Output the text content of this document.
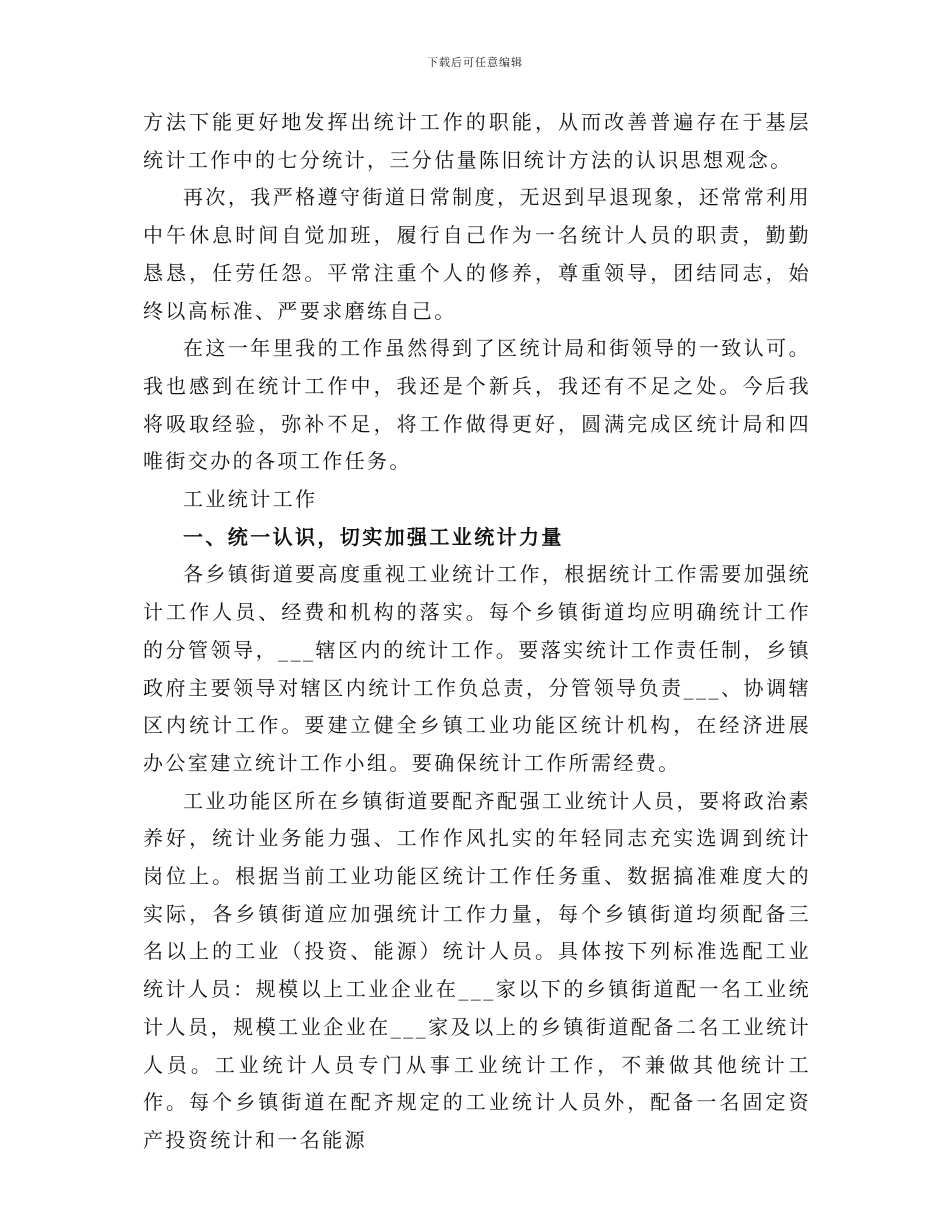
下载后可任意编辑

方法下能更好地发挥出统计工作的职能，从而改善普遍存在于基层统计工作中的七分统计，三分估量陈旧统计方法的认识思想观念。

再次，我严格遵守街道日常制度，无迟到早退现象，还常常利用中午休息时间自觉加班，履行自己作为一名统计人员的职责，勤勤恳恳，任劳任怨。平常注重个人的修养，尊重领导，团结同志，始终以高标准、严要求磨练自己。

在这一年里我的工作虽然得到了区统计局和街领导的一致认可。我也感到在统计工作中，我还是个新兵，我还有不足之处。今后我将吸取经验，弥补不足，将工作做得更好，圆满完成区统计局和四唯街交办的各项工作任务。

工业统计工作

一、统一认识，切实加强工业统计力量

各乡镇街道要高度重视工业统计工作，根据统计工作需要加强统计工作人员、经费和机构的落实。每个乡镇街道均应明确统计工作的分管领导，___辖区内的统计工作。要落实统计工作责任制，乡镇政府主要领导对辖区内统计工作负总责，分管领导负责___、协调辖区内统计工作。要建立健全乡镇工业功能区统计机构，在经济进展办公室建立统计工作小组。要确保统计工作所需经费。

工业功能区所在乡镇街道要配齐配强工业统计人员，要将政治素养好，统计业务能力强、工作作风扎实的年轻同志充实选调到统计岗位上。根据当前工业功能区统计工作任务重、数据搞准难度大的实际，各乡镇街道应加强统计工作力量，每个乡镇街道均须配备三名以上的工业（投资、能源）统计人员。具体按下列标准选配工业统计人员：规模以上工业企业在___家以下的乡镇街道配一名工业统计人员，规模工业企业在___家及以上的乡镇街道配备二名工业统计人员。工业统计人员专门从事工业统计工作，不兼做其他统计工作。每个乡镇街道在配齐规定的工业统计人员外，配备一名固定资产投资统计和一名能源
